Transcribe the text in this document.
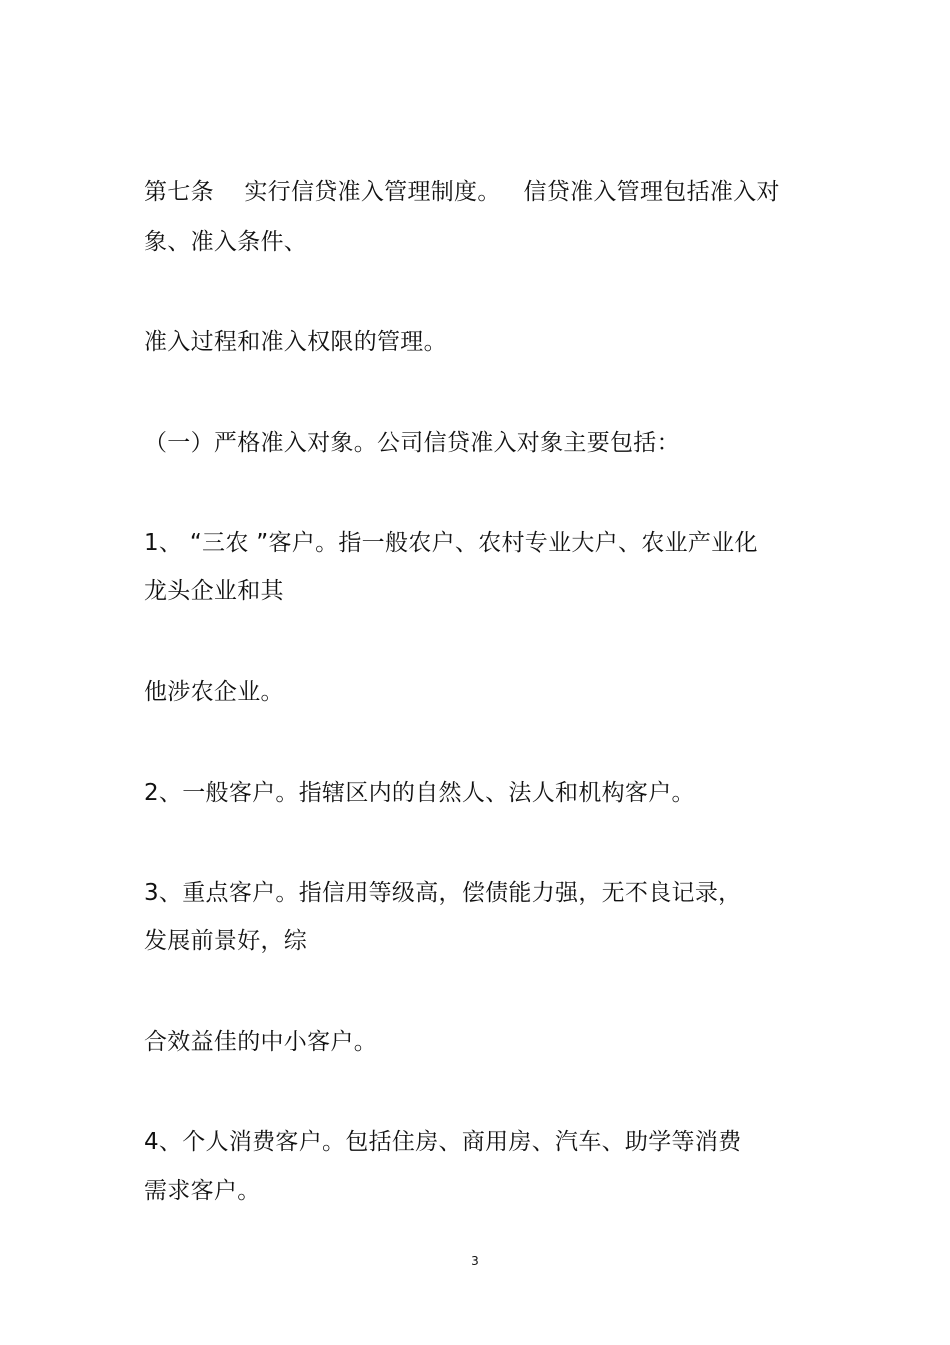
第七条    实行信贷准入管理制度。   信贷准入管理包括准入对
象、准入条件、
准入过程和准入权限的管理。
（一）严格准入对象。公司信贷准入对象主要包括：
1、 “三农 ”客户。指一般农户、农村专业大户、农业产业化
龙头企业和其
他涉农企业。
2、一般客户。指辖区内的自然人、法人和机构客户。
3、重点客户。指信用等级高，偿债能力强，无不良记录，
发展前景好，综
合效益佳的中小客户。
4、个人消费客户。包括住房、商用房、汽车、助学等消费
需求客户。
3
